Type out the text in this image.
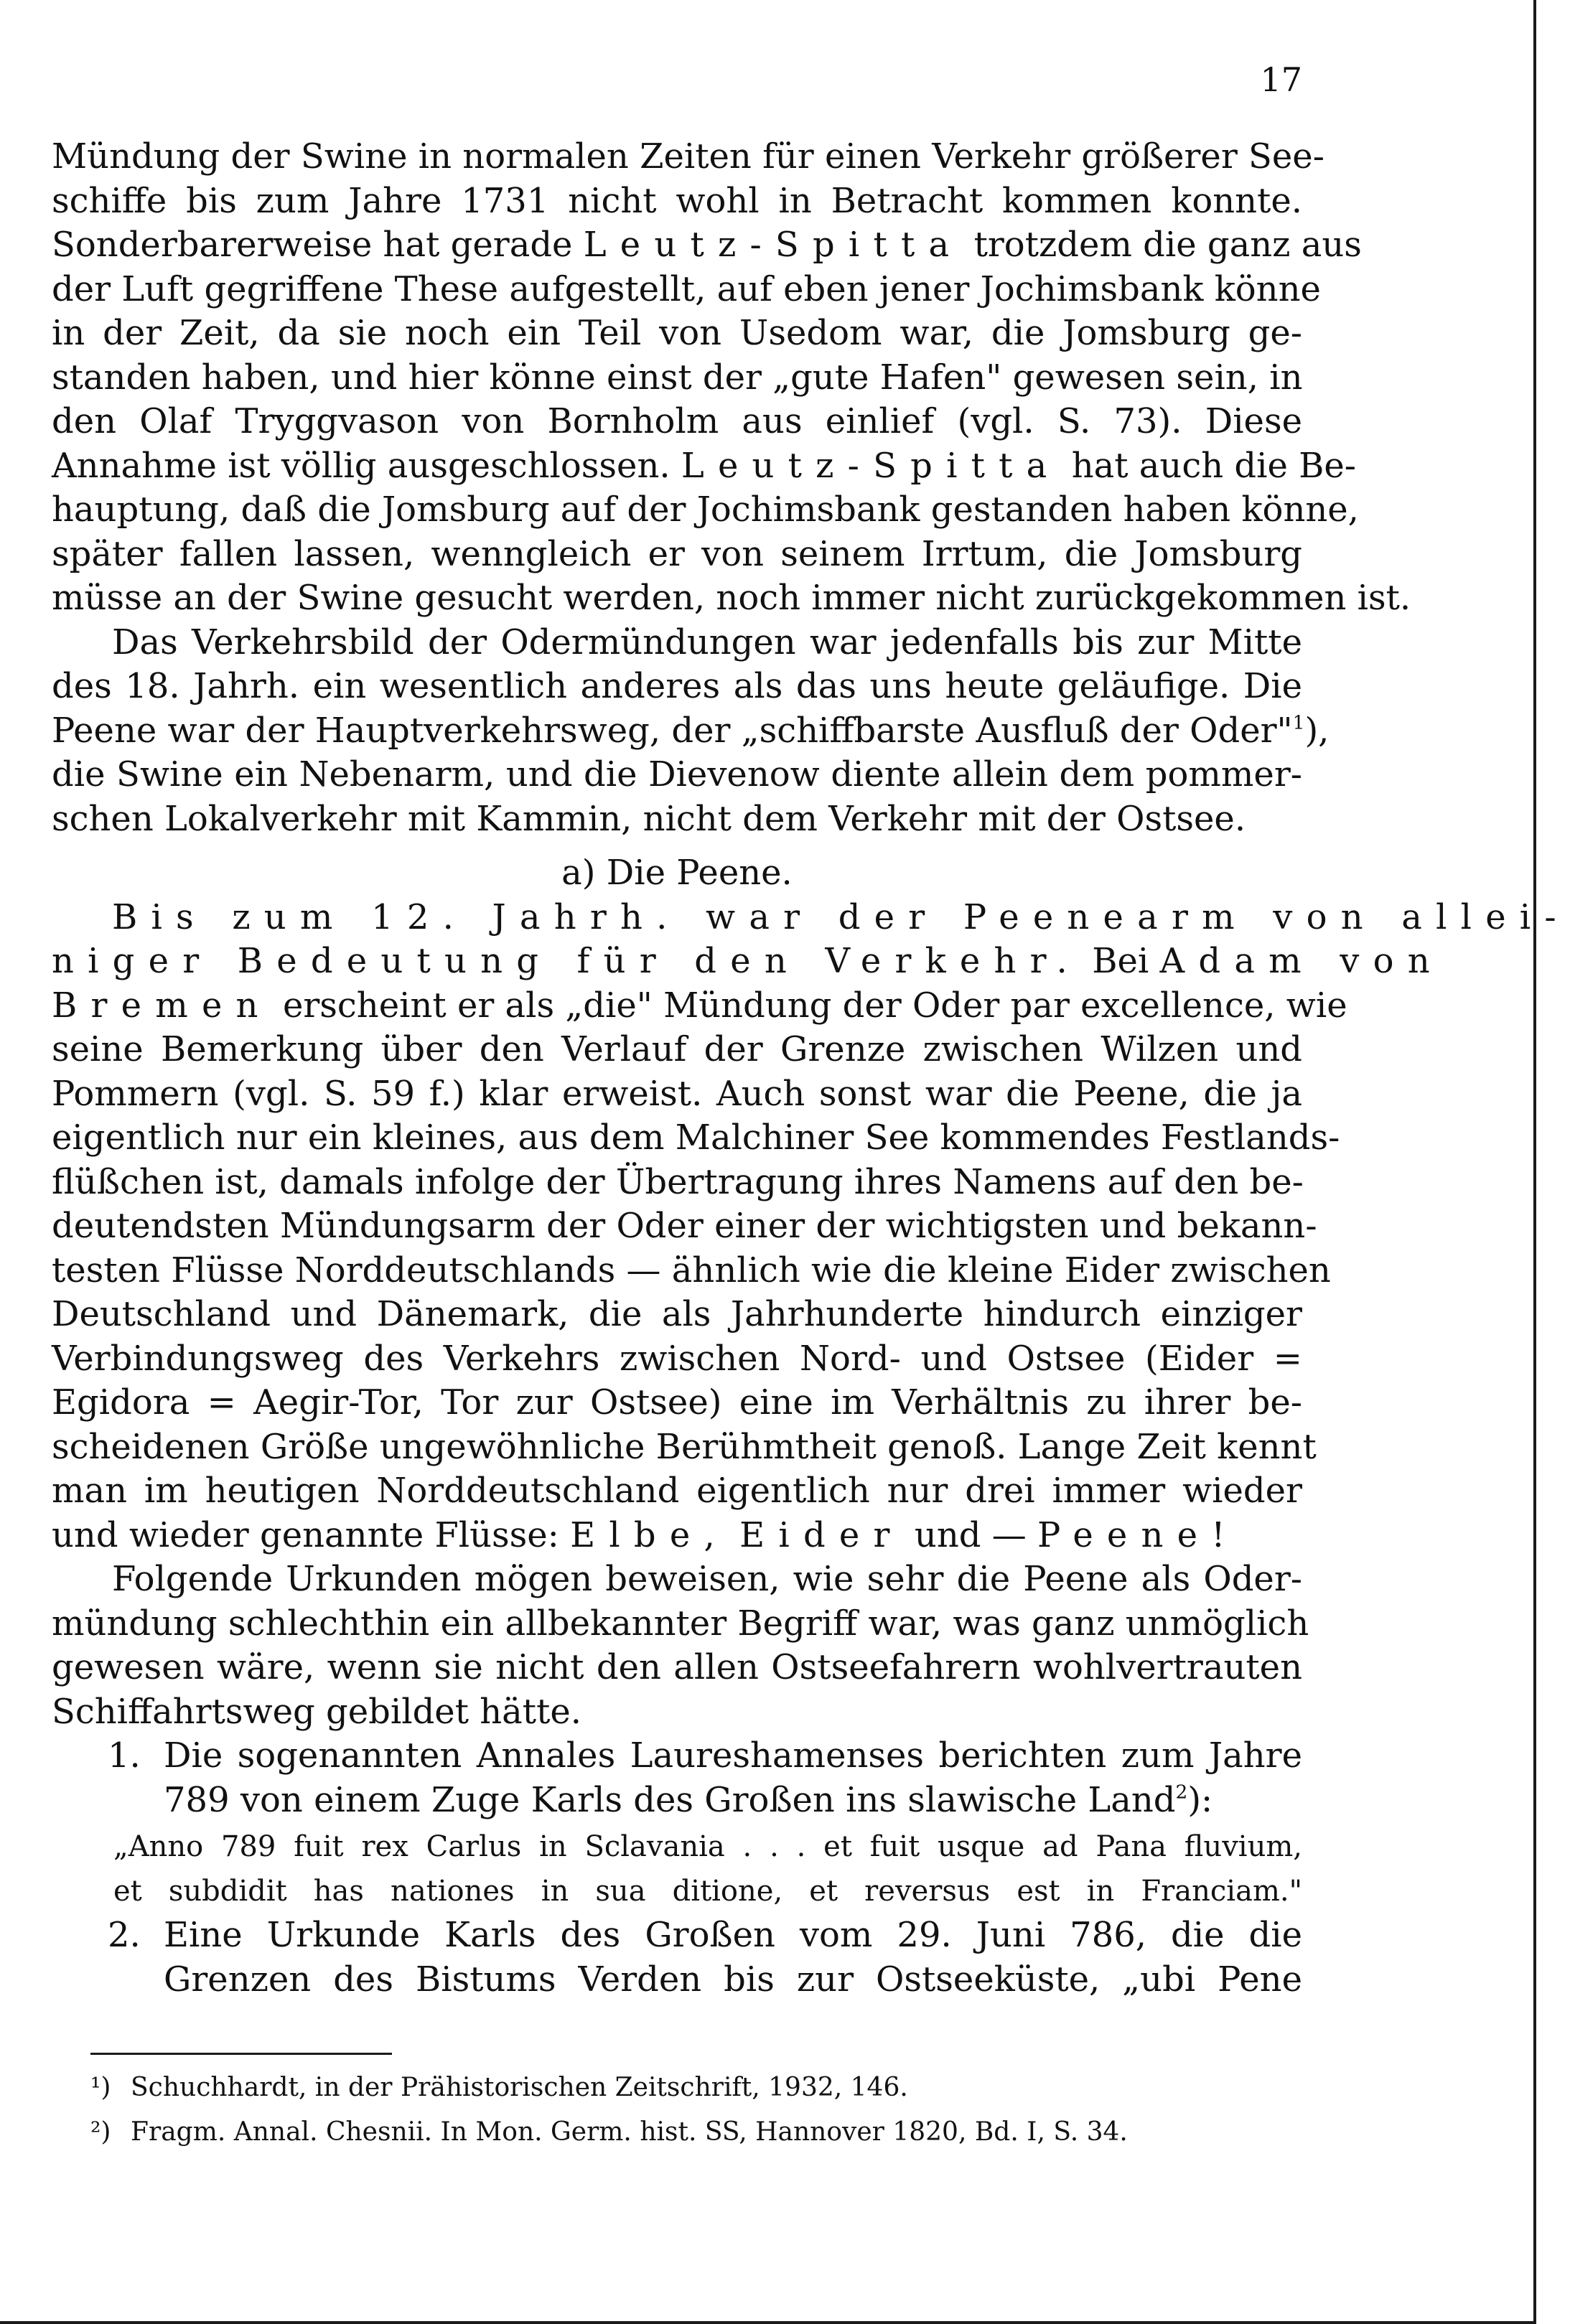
17
Mündung der Swine in normalen Zeiten für einen Verkehr größerer See-
schiffe bis zum Jahre 1731 nicht wohl in Betracht kommen konnte.
Sonderbarerweise hat gerade Leutz-Spitta trotzdem die ganz aus
der Luft gegriffene These aufgestellt, auf eben jener Jochimsbank könne
in der Zeit, da sie noch ein Teil von Usedom war, die Jomsburg ge-
standen haben, und hier könne einst der „gute Hafen" gewesen sein, in
den Olaf Tryggvason von Bornholm aus einlief (vgl. S. 73). Diese
Annahme ist völlig ausgeschlossen. Leutz-Spitta hat auch die Be-
hauptung, daß die Jomsburg auf der Jochimsbank gestanden haben könne,
später fallen lassen, wenngleich er von seinem Irrtum, die Jomsburg
müsse an der Swine gesucht werden, noch immer nicht zurückgekommen ist.
Das Verkehrsbild der Odermündungen war jedenfalls bis zur Mitte
des 18. Jahrh. ein wesentlich anderes als das uns heute geläufige. Die
Peene war der Hauptverkehrsweg, der „schiffbarste Ausfluß der Oder"$^1$),
die Swine ein Nebenarm, und die Dievenow diente allein dem pommer-
schen Lokalverkehr mit Kammin, nicht dem Verkehr mit der Ostsee.
a) Die Peene.
Bis zum 12. Jahrh. war der Peenearm von allei-
niger Bedeutung für den Verkehr. Bei Adam von
Bremen erscheint er als „die" Mündung der Oder par excellence, wie
seine Bemerkung über den Verlauf der Grenze zwischen Wilzen und
Pommern (vgl. S. 59 f.) klar erweist. Auch sonst war die Peene, die ja
eigentlich nur ein kleines, aus dem Malchiner See kommendes Festlands-
flüßchen ist, damals infolge der Übertragung ihres Namens auf den be-
deutendsten Mündungsarm der Oder einer der wichtigsten und bekann-
testen Flüsse Norddeutschlands — ähnlich wie die kleine Eider zwischen
Deutschland und Dänemark, die als Jahrhunderte hindurch einziger
Verbindungsweg des Verkehrs zwischen Nord- und Ostsee (Eider =
Egidora = Aegir-Tor, Tor zur Ostsee) eine im Verhältnis zu ihrer be-
scheidenen Größe ungewöhnliche Berühmtheit genoß. Lange Zeit kennt
man im heutigen Norddeutschland eigentlich nur drei immer wieder
und wieder genannte Flüsse: Elbe, Eider und — Peene!
Folgende Urkunden mögen beweisen, wie sehr die Peene als Oder-
mündung schlechthin ein allbekannter Begriff war, was ganz unmöglich
gewesen wäre, wenn sie nicht den allen Ostseefahrern wohlvertrauten
Schiffahrtsweg gebildet hätte.
1. Die sogenannten Annales Laureshamenses berichten zum Jahre
789 von einem Zuge Karls des Großen ins slawische Land$^2$):
„Anno 789 fuit rex Carlus in Sclavania . . . et fuit usque ad Pana fluvium,
et subdidit has nationes in sua ditione, et reversus est in Franciam."
2. Eine Urkunde Karls des Großen vom 29. Juni 786, die die
Grenzen des Bistums Verden bis zur Ostseeküste, „ubi Pene
¹) Schuchhardt, in der Prähistorischen Zeitschrift, 1932, 146.
²) Fragm. Annal. Chesnii. In Mon. Germ. hist. SS, Hannover 1820, Bd. I, S. 34.
